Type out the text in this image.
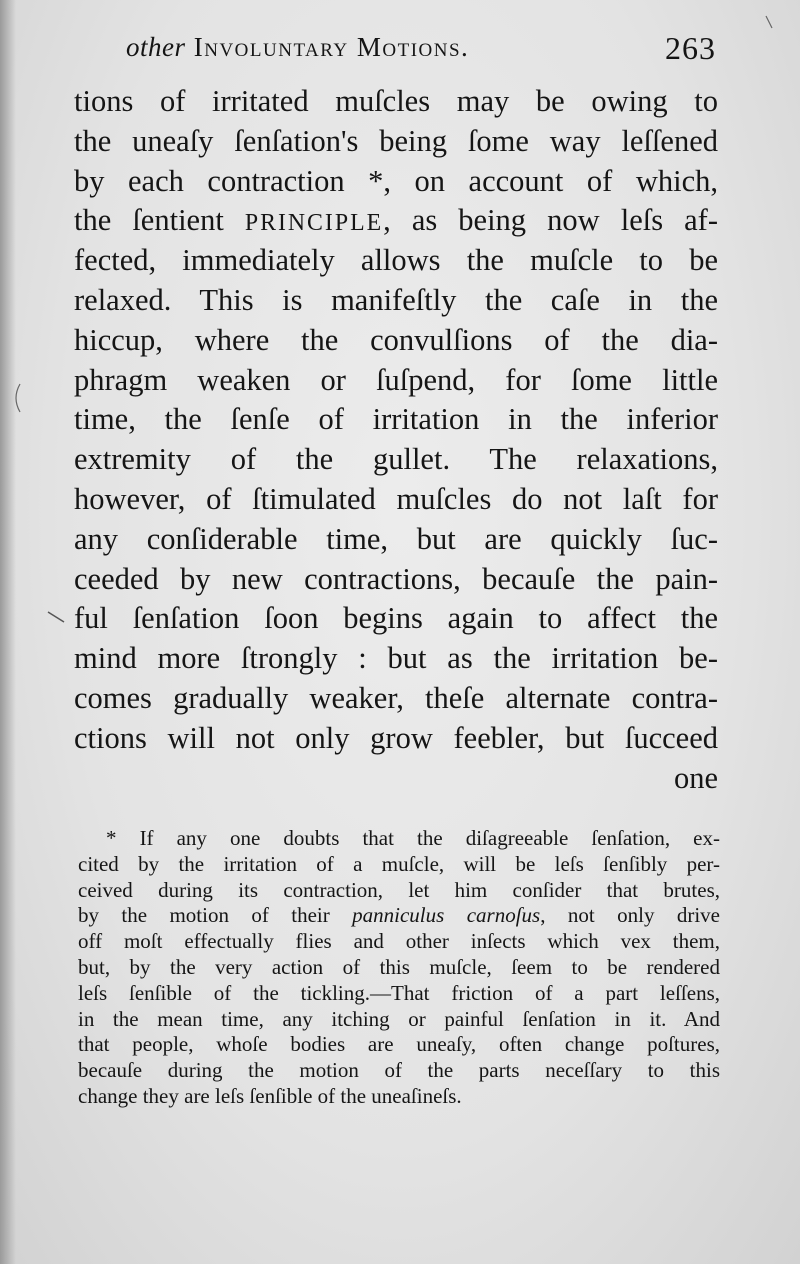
other Involuntary Motions.	263
tions of irritated muſcles may be owing to
the uneaſy ſenſation's being ſome way leſſened
by each contraction *, on account of which,
the ſentient PRINCIPLE, as being now leſs af-
fected, immediately allows the muſcle to be
relaxed. This is manifeſtly the caſe in the
hiccup, where the convulſions of the dia-
phragm weaken or ſuſpend, for ſome little
time, the ſenſe of irritation in the inferior
extremity of the gullet. The relaxations,
however, of ſtimulated muſcles do not laſt for
any conſiderable time, but are quickly ſuc-
ceeded by new contractions, becauſe the pain-
ful ſenſation ſoon begins again to affect the
mind more ſtrongly : but as the irritation be-
comes gradually weaker, theſe alternate contra-
ctions will not only grow feebler, but ſucceed
one
* If any one doubts that the diſagreeable ſenſation, ex-
cited by the irritation of a muſcle, will be leſs ſenſibly per-
ceived during its contraction, let him conſider that brutes,
by the motion of their panniculus carnoſus, not only drive
off moſt effectually flies and other inſects which vex them,
but, by the very action of this muſcle, ſeem to be rendered
leſs ſenſible of the tickling.—That friction of a part leſſens,
in the mean time, any itching or painful ſenſation in it. And
that people, whoſe bodies are uneaſy, often change poſtures,
becauſe during the motion of the parts neceſſary to this
change they are leſs ſenſible of the uneaſineſs.
